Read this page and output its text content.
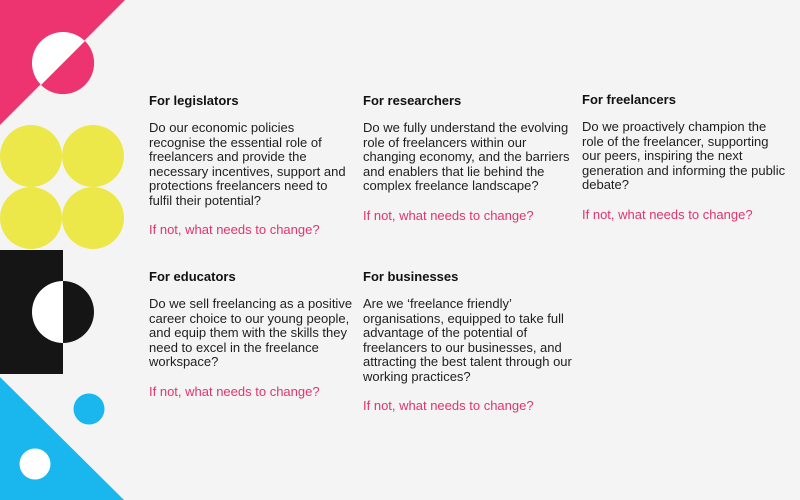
For legislators

Do our economic policies recognise the essential role of freelancers and provide the necessary incentives, support and protections freelancers need to fulfil their potential?

If not, what needs to change?

For researchers

Do we fully understand the evolving role of freelancers within our changing economy, and the barriers and enablers that lie behind the complex freelance landscape?

If not, what needs to change?

For freelancers

Do we proactively champion the role of the freelancer, supporting our peers, inspiring the next generation and informing the public debate?

If not, what needs to change?

For educators

Do we sell freelancing as a positive career choice to our young people, and equip them with the skills they need to excel in the freelance workspace?

If not, what needs to change?

For businesses

Are we ‘freelance friendly’ organisations, equipped to take full advantage of the potential of freelancers to our businesses, and attracting the best talent through our working practices?

If not, what needs to change?
